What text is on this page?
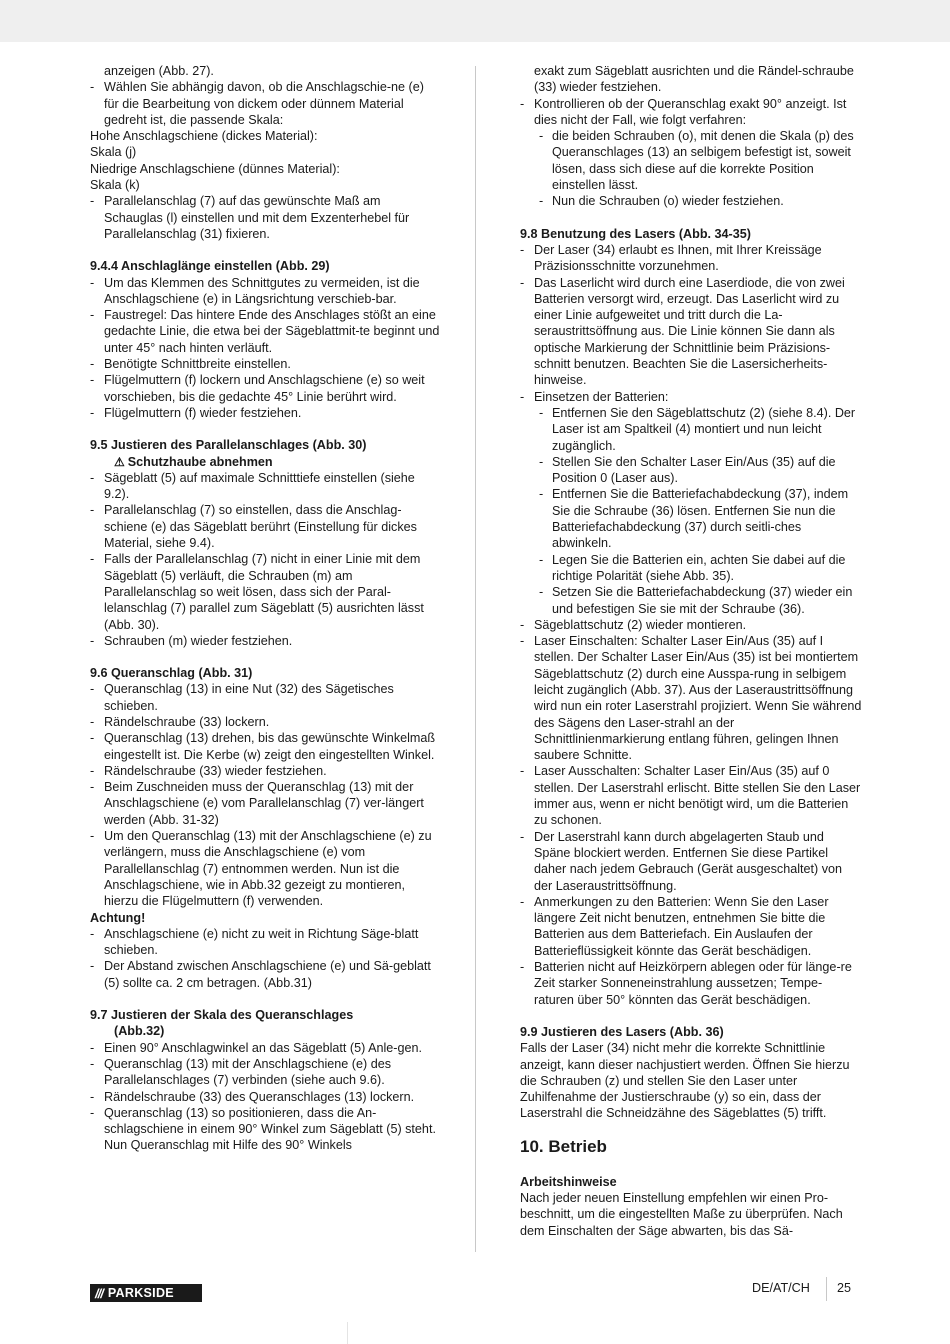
anzeigen (Abb. 27).
- Wählen Sie abhängig davon, ob die Anschlagschie-ne (e) für die Bearbeitung von dickem oder dünnem Material gedreht ist, die passende Skala:
Hohe Anschlagschiene (dickes Material):
Skala (j)
Niedrige Anschlagschiene (dünnes Material):
Skala (k)
- Parallelanschlag (7) auf das gewünschte Maß am Schauglas (l) einstellen und mit dem Exzenterhebel für Parallelanschlag (31) fixieren.
9.4.4 Anschlaglänge einstellen (Abb. 29)
- Um das Klemmen des Schnittgutes zu vermeiden, ist die Anschlagschiene (e) in Längsrichtung verschieb-bar.
- Faustregel: Das hintere Ende des Anschlages stößt an eine gedachte Linie, die etwa bei der Sägeblattmit-te beginnt und unter 45° nach hinten verläuft.
- Benötigte Schnittbreite einstellen.
- Flügelmuttern (f) lockern und Anschlagschiene (e) so weit vorschieben, bis die gedachte 45° Linie berührt wird.
- Flügelmuttern (f) wieder festziehen.
9.5 Justieren des Parallelanschlages (Abb. 30)
⚠ Schutzhaube abnehmen
- Sägeblatt (5) auf maximale Schnitttiefe einstellen (siehe 9.2).
- Parallelanschlag (7) so einstellen, dass die Anschlag-schiene (e) das Sägeblatt berührt (Einstellung für dickes Material, siehe 9.4).
- Falls der Parallelanschlag (7) nicht in einer Linie mit dem Sägeblatt (5) verläuft, die Schrauben (m) am Parallelanschlag so weit lösen, dass sich der Paral-lelanschlag (7) parallel zum Sägeblatt (5) ausrichten lässt (Abb. 30).
- Schrauben (m) wieder festziehen.
9.6 Queranschlag (Abb. 31)
- Queranschlag (13) in eine Nut (32) des Sägetisches schieben.
- Rändelschraube (33) lockern.
- Queranschlag (13) drehen, bis das gewünschte Winkelmaß eingestellt ist. Die Kerbe (w) zeigt den eingestellten Winkel.
- Rändelschraube (33) wieder festziehen.
- Beim Zuschneiden muss der Queranschlag (13) mit der Anschlagschiene (e) vom Parallelanschlag (7) ver-längert werden (Abb. 31-32)
- Um den Queranschlag (13) mit der Anschlagschiene (e) zu verlängern, muss die Anschlagschiene (e) vom Parallellanschlag (7) entnommen werden. Nun ist die Anschlagschiene, wie in Abb.32 gezeigt zu montieren, hierzu die Flügelmuttern (f) verwenden.
Achtung!
- Anschlagschiene (e) nicht zu weit in Richtung Säge-blatt schieben.
- Der Abstand zwischen Anschlagschiene (e) und Sä-geblatt (5) sollte ca. 2 cm betragen. (Abb.31)
9.7 Justieren der Skala des Queranschlages
(Abb.32)
- Einen 90° Anschlagwinkel an das Sägeblatt (5) Anle-gen.
- Queranschlag (13) mit der Anschlagschiene (e) des Parallelanschlages (7) verbinden (siehe auch 9.6).
- Rändelschraube (33) des Queranschlages (13) lockern.
- Queranschlag (13) so positionieren, dass die An-schlagschiene in einem 90° Winkel zum Sägeblatt (5) steht. Nun Queranschlag mit Hilfe des 90° Winkels
exakt zum Sägeblatt ausrichten und die Rändel-schraube (33) wieder festziehen.
- Kontrollieren ob der Queranschlag exakt 90° anzeigt. Ist dies nicht der Fall, wie folgt verfahren:
- die beiden Schrauben (o), mit denen die Skala (p) des Queranschlages (13) an selbigem befestigt ist, soweit lösen, dass sich diese auf die korrekte Position einstellen lässt.
- Nun die Schrauben (o) wieder festziehen.
9.8 Benutzung des Lasers (Abb. 34-35)
- Der Laser (34) erlaubt es Ihnen, mit Ihrer Kreissäge Präzisionsschnitte vorzunehmen.
- Das Laserlicht wird durch eine Laserdiode, die von zwei Batterien versorgt wird, erzeugt. Das Laserlicht wird zu einer Linie aufgeweitet und tritt durch die La-seraustrittsöffnung aus. Die Linie können Sie dann als optische Markierung der Schnittlinie beim Präzisions-schnitt benutzen. Beachten Sie die Lasersicherheits-hinweise.
- Einsetzen der Batterien:
- Entfernen Sie den Sägeblattschutz (2) (siehe 8.4). Der Laser ist am Spaltkeil (4) montiert und nun leicht zugänglich.
- Stellen Sie den Schalter Laser Ein/Aus (35) auf die Position 0 (Laser aus).
- Entfernen Sie die Batteriefachabdeckung (37), indem Sie die Schraube (36) lösen. Entfernen Sie nun die Batteriefachabdeckung (37) durch seitli-ches abwinkeln.
- Legen Sie die Batterien ein, achten Sie dabei auf die richtige Polarität (siehe Abb. 35).
- Setzen Sie die Batteriefachabdeckung (37) wieder ein und befestigen Sie sie mit der Schraube (36).
- Sägeblattschutz (2) wieder montieren.
- Laser Einschalten: Schalter Laser Ein/Aus (35) auf I stellen. Der Schalter Laser Ein/Aus (35) ist bei montiertem Sägeblattschutz (2) durch eine Ausspa-rung in selbigem leicht zugänglich (Abb. 37). Aus der Laseraustrittsöffnung wird nun ein roter Laserstrahl projiziert. Wenn Sie während des Sägens den Laser-strahl an der Schnittlinienmarkierung entlang führen, gelingen Ihnen saubere Schnitte.
- Laser Ausschalten: Schalter Laser Ein/Aus (35) auf 0 stellen. Der Laserstrahl erlischt. Bitte stellen Sie den Laser immer aus, wenn er nicht benötigt wird, um die Batterien zu schonen.
- Der Laserstrahl kann durch abgelagerten Staub und Späne blockiert werden. Entfernen Sie diese Partikel daher nach jedem Gebrauch (Gerät ausgeschaltet) von der Laseraustrittsöffnung.
- Anmerkungen zu den Batterien: Wenn Sie den Laser längere Zeit nicht benutzen, entnehmen Sie bitte die Batterien aus dem Batteriefach. Ein Auslaufen der Batterieflüssigkeit könnte das Gerät beschädigen.
- Batterien nicht auf Heizkörpern ablegen oder für länge-re Zeit starker Sonneneinstrahlung aussetzen; Tempe-raturen über 50° könnten das Gerät beschädigen.
9.9 Justieren des Lasers (Abb. 36)
Falls der Laser (34) nicht mehr die korrekte Schnittlinie anzeigt, kann dieser nachjustiert werden. Öffnen Sie hierzu die Schrauben (z) und stellen Sie den Laser unter Zuhilfenahme der Justierschraube (y) so ein, dass der Laserstrahl die Schneidzähne des Sägeblattes (5) trifft.
10. Betrieb
Arbeitshinweise
Nach jeder neuen Einstellung empfehlen wir einen Pro-beschnitt, um die eingestellten Maße zu überprüfen. Nach dem Einschalten der Säge abwarten, bis das Sä-
/// PARKSIDE	DE/AT/CH 25
